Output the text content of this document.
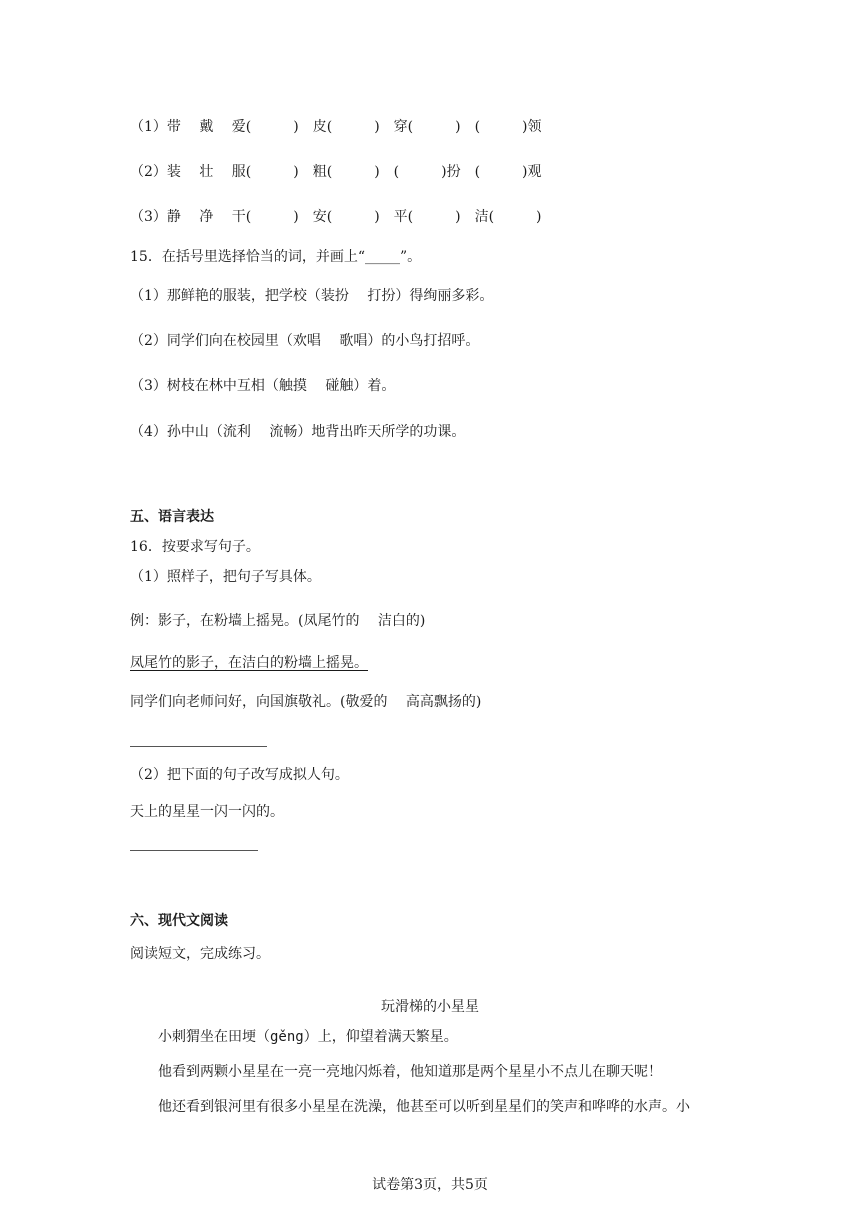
（1）带　 戴　 爱(　　　)　皮(　　　)　穿(　　　)　(　　　)领

（2）装　 壮　 服(　　　)　粗(　　　)　(　　　)扮　(　　　)观

（3）静　 净　 干(　　　)　安(　　　)　平(　　　)　洁(　　　)

15．在括号里选择恰当的词，并画上“_____”。

（1）那鲜艳的服装，把学校（装扮　 打扮）得绚丽多彩。

（2）同学们向在校园里（欢唱　 歌唱）的小鸟打招呼。

（3）树枝在林中互相（触摸　 碰触）着。

（4）孙中山（流利　 流畅）地背出昨天所学的功课。

五、语言表达

16．按要求写句子。

（1）照样子，把句子写具体。

例：影子，在粉墙上摇晃。(凤尾竹的　 洁白的)

凤尾竹的影子，在洁白的粉墙上摇晃。

同学们向老师问好，向国旗敬礼。(敬爱的　 高高飘扬的)

（2）把下面的句子改写成拟人句。

天上的星星一闪一闪的。

六、现代文阅读

阅读短文，完成练习。

玩滑梯的小星星

小刺猬坐在田埂（gěng）上，仰望着满天繁星。

他看到两颗小星星在一亮一亮地闪烁着，他知道那是两个星星小不点儿在聊天呢！

他还看到银河里有很多小星星在洗澡，他甚至可以听到星星们的笑声和哗哗的水声。小

试卷第3页，共5页
